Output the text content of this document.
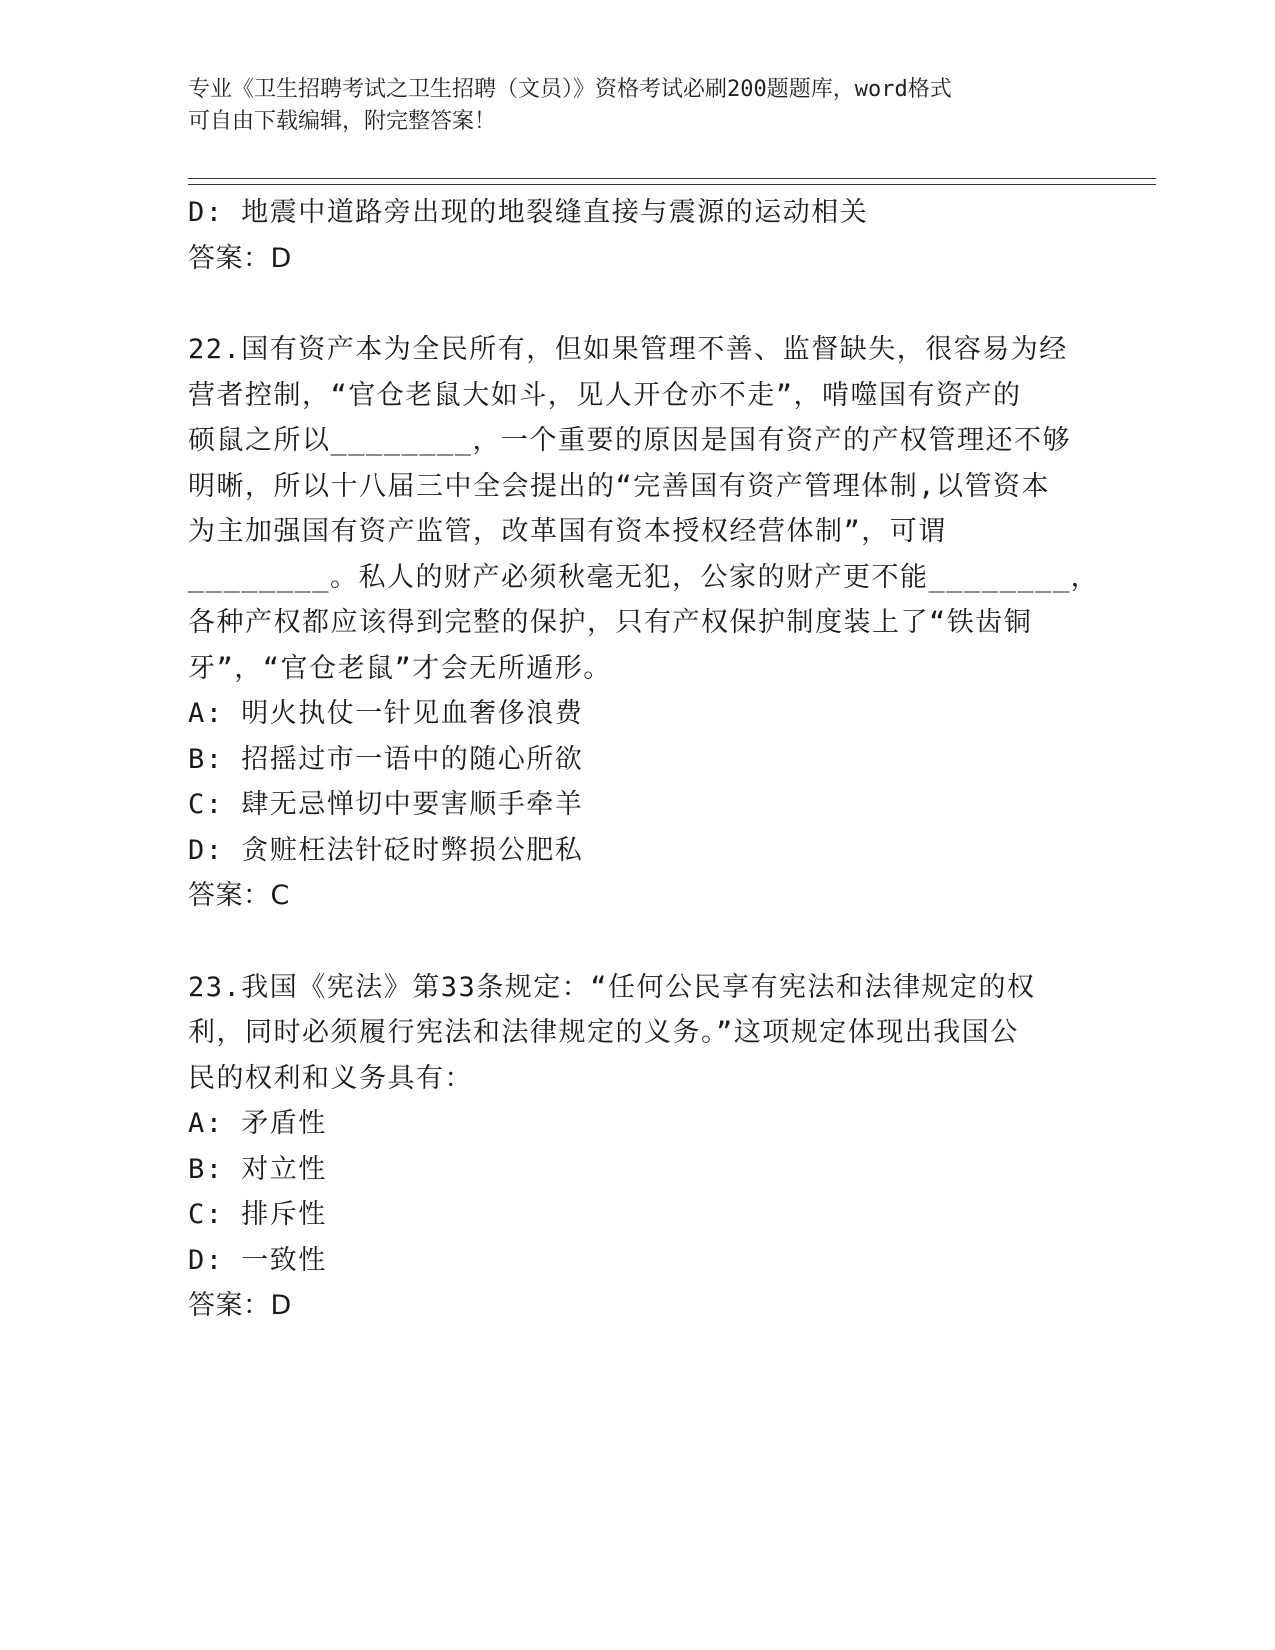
专业《卫生招聘考试之卫生招聘（文员）》资格考试必刷200题题库，word格式
可自由下载编辑，附完整答案！
D: 地震中道路旁出现的地裂缝直接与震源的运动相关
答案：D
22.国有资产本为全民所有，但如果管理不善、监督缺失，很容易为经
营者控制，“官仓老鼠大如斗，见人开仓亦不走”，啃噬国有资产的
硕鼠之所以________，一个重要的原因是国有资产的产权管理还不够
明晰，所以十八届三中全会提出的“完善国有资产管理体制,以管资本
为主加强国有资产监管，改革国有资本授权经营体制”，可谓
________。私人的财产必须秋毫无犯，公家的财产更不能________，
各种产权都应该得到完整的保护，只有产权保护制度装上了“铁齿铜
牙”，“官仓老鼠”才会无所遁形。
A: 明火执仗一针见血奢侈浪费
B: 招摇过市一语中的随心所欲
C: 肆无忌惮切中要害顺手牵羊
D: 贪赃枉法针砭时弊损公肥私
答案：C
23.我国《宪法》第33条规定：“任何公民享有宪法和法律规定的权
利，同时必须履行宪法和法律规定的义务。”这项规定体现出我国公
民的权利和义务具有：
A: 矛盾性
B: 对立性
C: 排斥性
D: 一致性
答案：D
